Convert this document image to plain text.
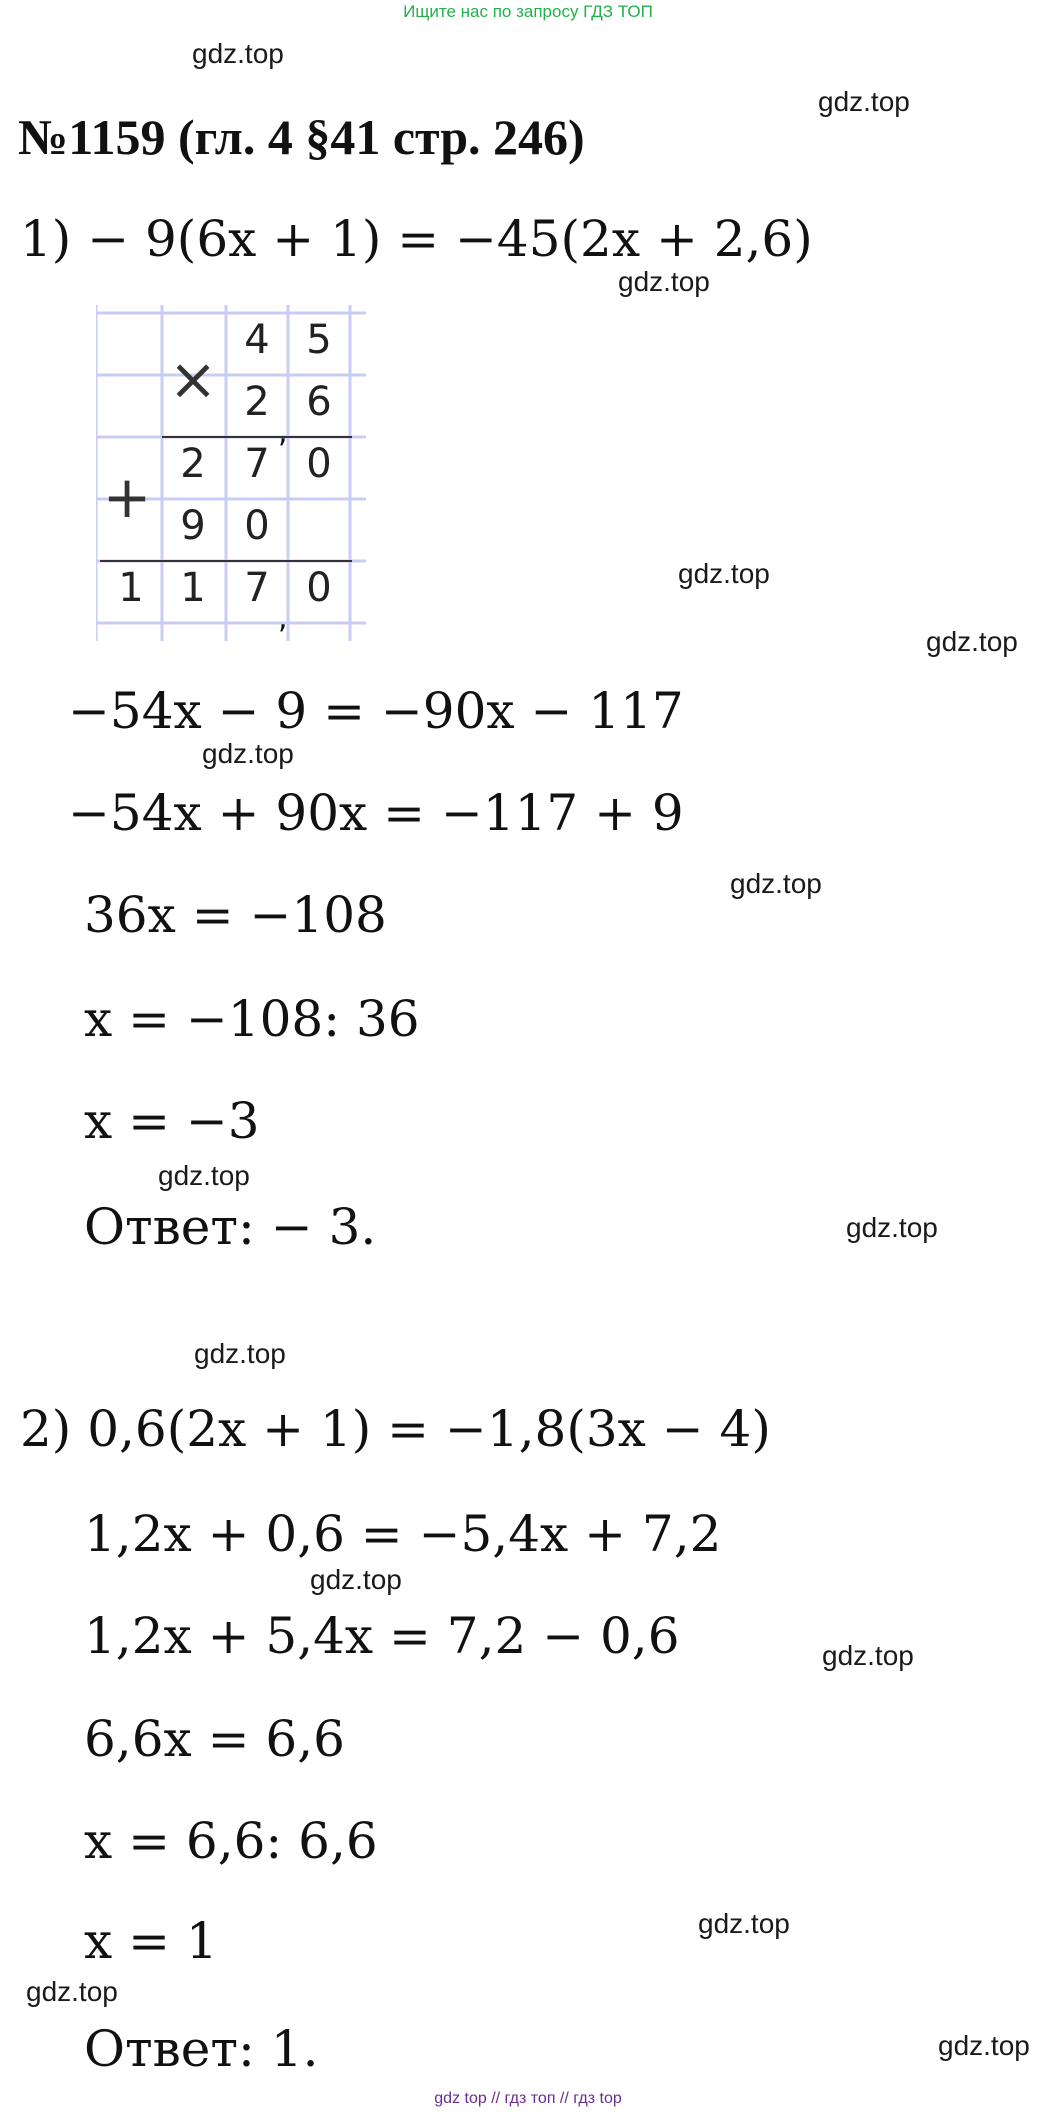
Ищите нас по запросу ГДЗ ТОП
№1159 (гл. 4 §41 стр. 246)
1) − 9(6x + 1) = −45(2x + 2,6)
×
4 5
2 6
+ 2 7 0
9 0
1 1 7 0
,
,
−54x − 9 = −90x − 117
−54x + 90x = −117 + 9
36x = −108
x = −108: 36
x = −3
Ответ: − 3.
2) 0,6(2x + 1) = −1,8(3x − 4)
1,2x + 0,6 = −5,4x + 7,2
1,2x + 5,4x = 7,2 − 0,6
6,6x = 6,6
x = 6,6: 6,6
x = 1
Ответ: 1.
gdz.top
gdz.top
gdz.top
gdz.top
gdz.top
gdz.top
gdz.top
gdz.top
gdz.top
gdz.top
gdz.top
gdz.top
gdz.top
gdz.top
gdz.top
gdz top // гдз топ // гдз top
